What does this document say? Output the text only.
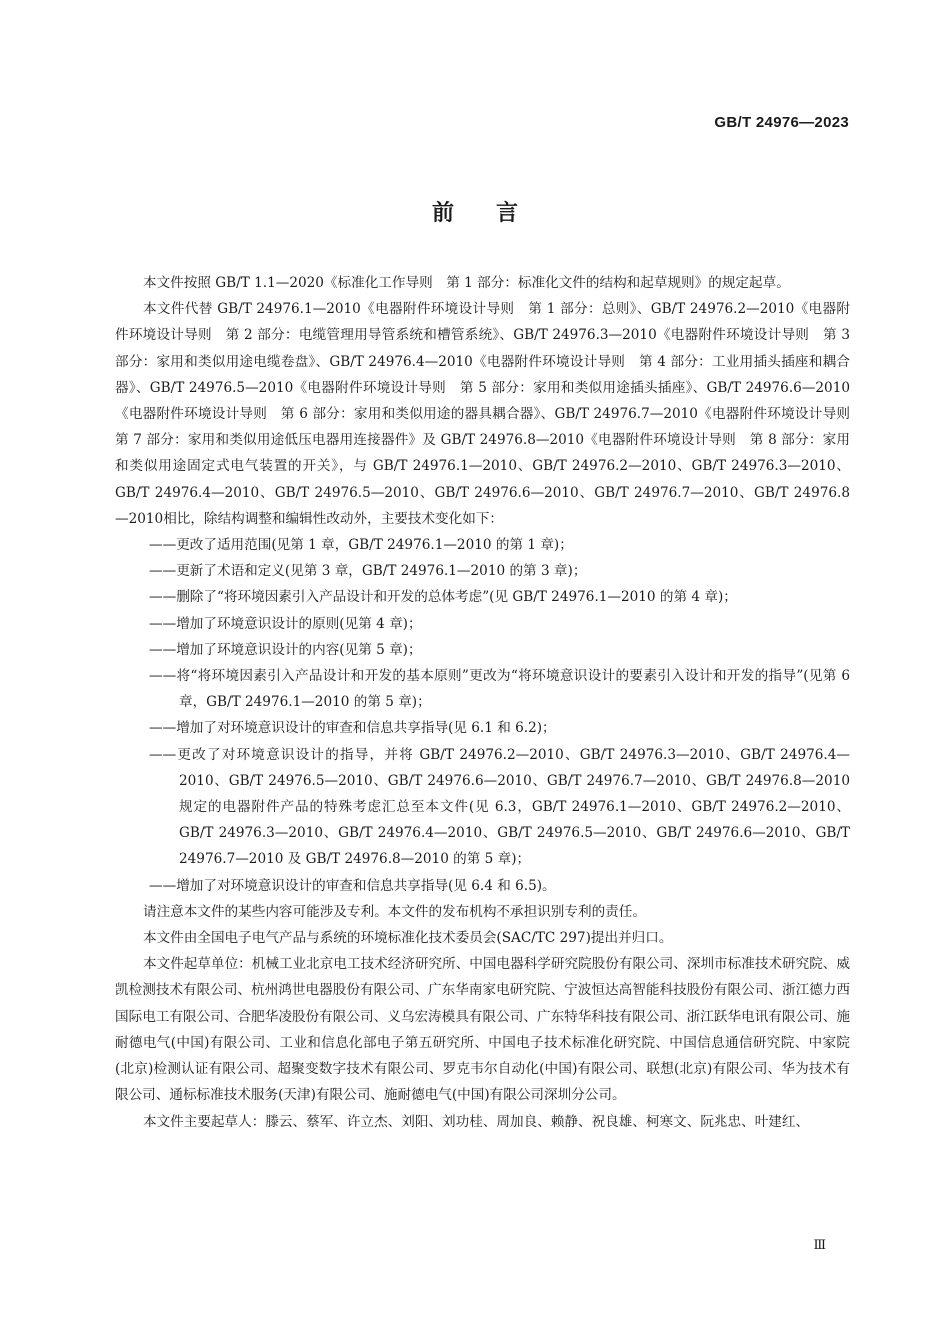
GB/T 24976—2023
前言

本文件按照 GB/T 1.1—2020《标准化工作导则　第 1 部分：标准化文件的结构和起草规则》的规定起草。

本文件代替 GB/T 24976.1—2010《电器附件环境设计导则　第 1 部分：总则》、GB/T 24976.2—2010《电器附件环境设计导则　第 2 部分：电缆管理用导管系统和槽管系统》、GB/T 24976.3—2010《电器附件环境设计导则　第 3 部分：家用和类似用途电缆卷盘》、GB/T 24976.4—2010《电器附件环境设计导则　第 4 部分：工业用插头插座和耦合器》、GB/T 24976.5—2010《电器附件环境设计导则　第 5 部分：家用和类似用途插头插座》、GB/T 24976.6—2010《电器附件环境设计导则　第 6 部分：家用和类似用途的器具耦合器》、GB/T 24976.7—2010《电器附件环境设计导则　第 7 部分：家用和类似用途低压电器用连接器件》及 GB/T 24976.8—2010《电器附件环境设计导则　第 8 部分：家用和类似用途固定式电气装置的开关》，与 GB/T 24976.1—2010、GB/T 24976.2—2010、GB/T 24976.3—2010、GB/T 24976.4—2010、GB/T 24976.5—2010、GB/T 24976.6—2010、GB/T 24976.7—2010、GB/T 24976.8—2010相比，除结构调整和编辑性改动外，主要技术变化如下：

——更改了适用范围(见第 1 章，GB/T 24976.1—2010 的第 1 章)；

——更新了术语和定义(见第 3 章，GB/T 24976.1—2010 的第 3 章)；

——删除了“将环境因素引入产品设计和开发的总体考虑”(见 GB/T 24976.1—2010 的第 4 章)；

——增加了环境意识设计的原则(见第 4 章)；

——增加了环境意识设计的内容(见第 5 章)；

——将“将环境因素引入产品设计和开发的基本原则”更改为“将环境意识设计的要素引入设计和开发的指导”(见第 6 章，GB/T 24976.1—2010 的第 5 章)；

——增加了对环境意识设计的审查和信息共享指导(见 6.1 和 6.2)；

——更改了对环境意识设计的指导，并将 GB/T 24976.2—2010、GB/T 24976.3—2010、GB/T 24976.4—2010、GB/T 24976.5—2010、GB/T 24976.6—2010、GB/T 24976.7—2010、GB/T 24976.8—2010 规定的电器附件产品的特殊考虑汇总至本文件(见 6.3，GB/T 24976.1—2010、GB/T 24976.2—2010、GB/T 24976.3—2010、GB/T 24976.4—2010、GB/T 24976.5—2010、GB/T 24976.6—2010、GB/T 24976.7—2010 及 GB/T 24976.8—2010 的第 5 章)；

——增加了对环境意识设计的审查和信息共享指导(见 6.4 和 6.5)。

请注意本文件的某些内容可能涉及专利。本文件的发布机构不承担识别专利的责任。

本文件由全国电子电气产品与系统的环境标准化技术委员会(SAC/TC 297)提出并归口。

本文件起草单位：机械工业北京电工技术经济研究所、中国电器科学研究院股份有限公司、深圳市标准技术研究院、威凯检测技术有限公司、杭州鸿世电器股份有限公司、广东华南家电研究院、宁波恒达高智能科技股份有限公司、浙江德力西国际电工有限公司、合肥华凌股份有限公司、义乌宏涛模具有限公司、广东特华科技有限公司、浙江跃华电讯有限公司、施耐德电气(中国)有限公司、工业和信息化部电子第五研究所、中国电子技术标准化研究院、中国信息通信研究院、中家院(北京)检测认证有限公司、超聚变数字技术有限公司、罗克韦尔自动化(中国)有限公司、联想(北京)有限公司、华为技术有限公司、通标标准技术服务(天津)有限公司、施耐德电气(中国)有限公司深圳分公司。

本文件主要起草人：滕云、蔡军、许立杰、刘阳、刘功桂、周加良、赖静、祝良雄、柯寒文、阮兆忠、叶建红、

Ⅲ
